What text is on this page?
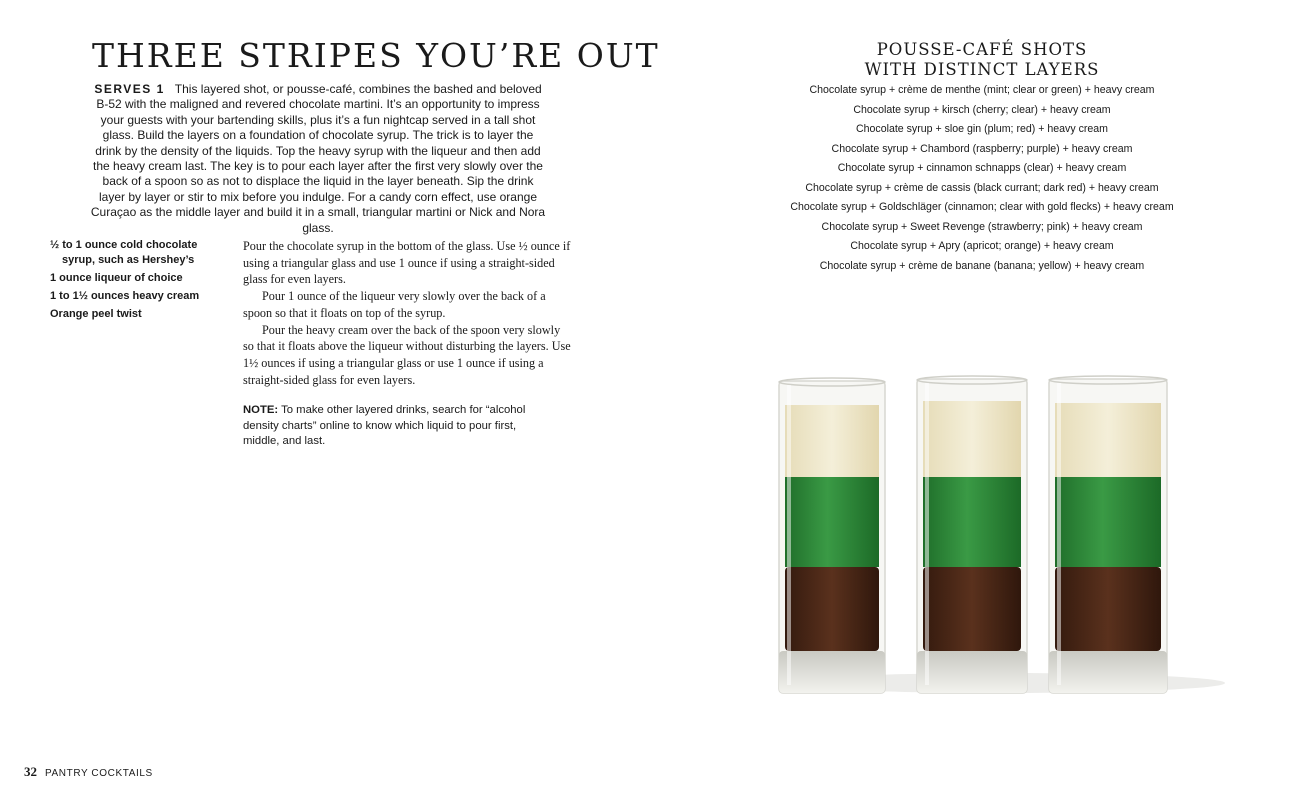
THREE STRIPES YOU’RE OUT

SERVES 1 This layered shot, or pousse-café, combines the bashed and beloved B-52 with the maligned and revered chocolate martini. It’s an opportunity to impress your guests with your bartending skills, plus it’s a fun nightcap served in a tall shot glass. Build the layers on a foundation of chocolate syrup. The trick is to layer the drink by the density of the liquids. Top the heavy syrup with the liqueur and then add the heavy cream last. The key is to pour each layer after the first very slowly over the back of a spoon so as not to displace the liquid in the layer beneath. Sip the drink layer by layer or stir to mix before you indulge. For a candy corn effect, use orange Curaçao as the middle layer and build it in a small, triangular martini or Nick and Nora glass.

½ to 1 ounce cold chocolate syrup, such as Hershey’s
1 ounce liqueur of choice
1 to 1½ ounces heavy cream
Orange peel twist

Pour the chocolate syrup in the bottom of the glass. Use ½ ounce if using a triangular glass and use 1 ounce if using a straight-sided glass for even layers.

Pour 1 ounce of the liqueur very slowly over the back of a spoon so that it floats on top of the syrup.

Pour the heavy cream over the back of the spoon very slowly so that it floats above the liqueur without disturbing the layers. Use 1½ ounces if using a triangular glass or use 1 ounce if using a straight-sided glass for even layers.

NOTE: To make other layered drinks, search for “alcohol density charts” online to know which liquid to pour first, middle, and last.

32 PANTRY COCKTAILS
POUSSE-CAFÉ SHOTS
WITH DISTINCT LAYERS
Chocolate syrup + crème de menthe (mint; clear or green) + heavy cream
Chocolate syrup + kirsch (cherry; clear) + heavy cream
Chocolate syrup + sloe gin (plum; red) + heavy cream
Chocolate syrup + Chambord (raspberry; purple) + heavy cream
Chocolate syrup + cinnamon schnapps (clear) + heavy cream
Chocolate syrup + crème de cassis (black currant; dark red) + heavy cream
Chocolate syrup + Goldschläger (cinnamon; clear with gold flecks) + heavy cream
Chocolate syrup + Sweet Revenge (strawberry; pink) + heavy cream
Chocolate syrup + Apry (apricot; orange) + heavy cream
Chocolate syrup + crème de banane (banana; yellow) + heavy cream
